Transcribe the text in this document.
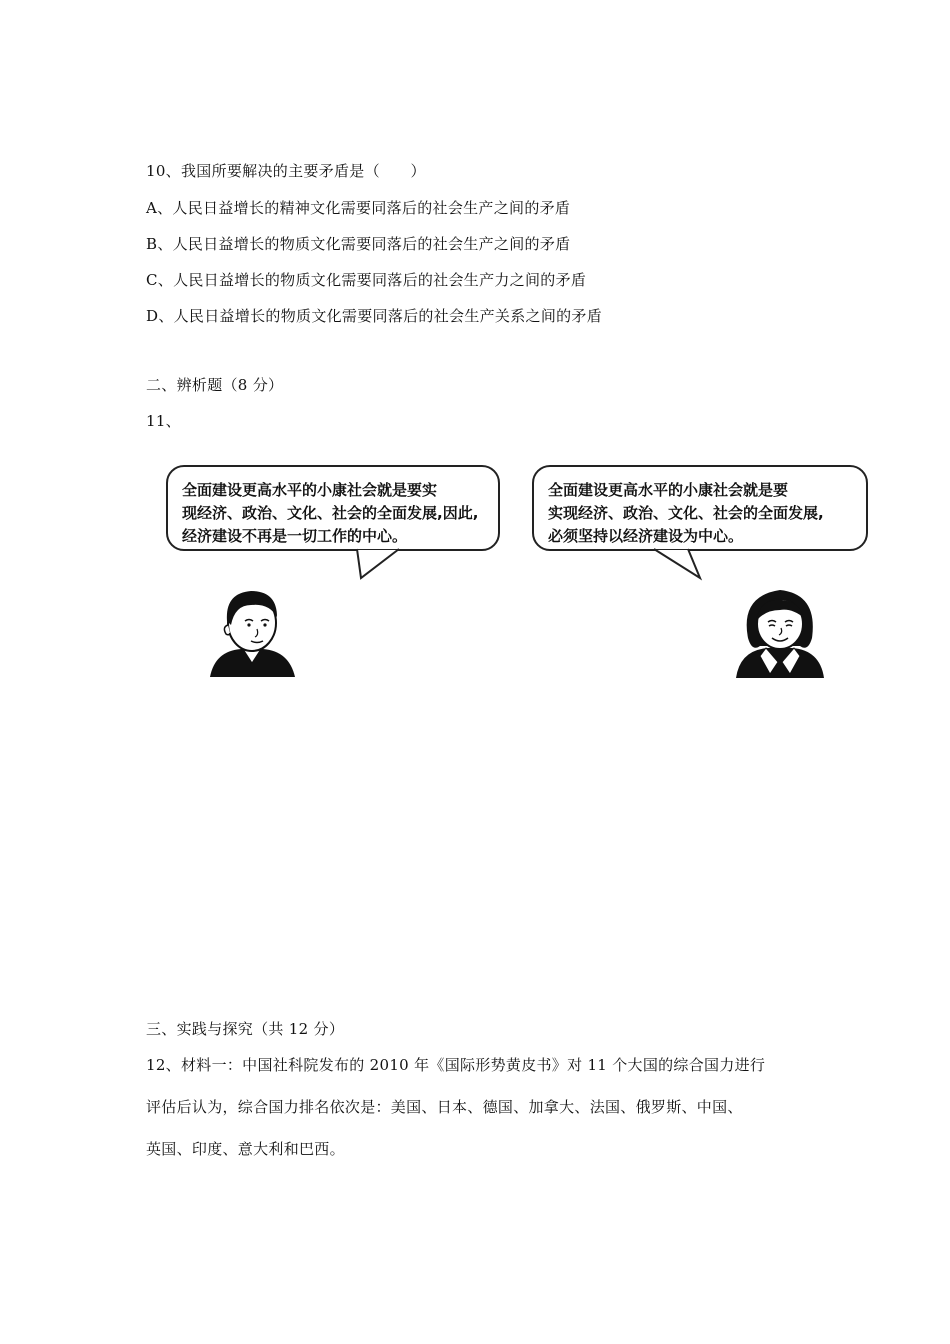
10、我国所要解决的主要矛盾是（　　）
A、人民日益增长的精神文化需要同落后的社会生产之间的矛盾
B、人民日益增长的物质文化需要同落后的社会生产之间的矛盾
C、人民日益增长的物质文化需要同落后的社会生产力之间的矛盾
D、人民日益增长的物质文化需要同落后的社会生产关系之间的矛盾
二、辨析题（8 分）
11、

全面建设更高水平的小康社会就是要实

现经济、政治、文化、社会的全面发展,因此,

经济建设不再是一切工作的中心。

全面建设更高水平的小康社会就是要

实现经济、政治、文化、社会的全面发展,

必须坚持以经济建设为中心。

三、实践与探究（共 12 分）
12、材料一：中国社科院发布的 2010 年《国际形势黄皮书》对 11 个大国的综合国力进行
评估后认为，综合国力排名依次是：美国、日本、德国、加拿大、法国、俄罗斯、中国、
英国、印度、意大利和巴西。
